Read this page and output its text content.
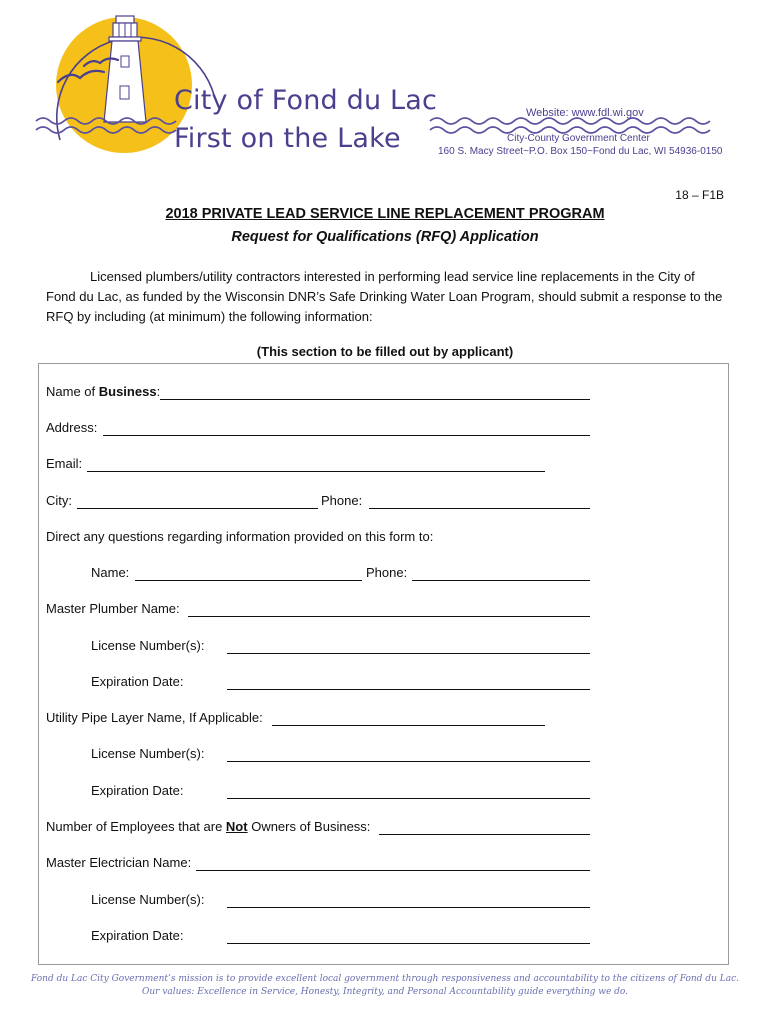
City of Fond du Lac
First on the Lake
Website: www.fdl.wi.gov
City-County Government Center
160 S. Macy Street~P.O. Box 150~Fond du Lac, WI 54936-0150
18 – F1B
2018 PRIVATE LEAD SERVICE LINE REPLACEMENT PROGRAM
Request for Qualifications (RFQ) Application

Licensed plumbers/utility contractors interested in performing lead service line replacements in the City of Fond du Lac, as funded by the Wisconsin DNR’s Safe Drinking Water Loan Program, should submit a response to the RFQ by including (at minimum) the following information:

(This section to be filled out by applicant)
Name of Business:
Address:
Email:
City:	Phone:
Direct any questions regarding information provided on this form to:
Name:	Phone:
Master Plumber Name:
License Number(s):
Expiration Date:
Utility Pipe Layer Name, If Applicable:
License Number(s):
Expiration Date:
Number of Employees that are Not Owners of Business:
Master Electrician Name:
License Number(s):
Expiration Date:
Fond du Lac City Government’s mission is to provide excellent local government through responsiveness and accountability to the citizens of Fond du Lac.
Our values: Excellence in Service, Honesty, Integrity, and Personal Accountability guide everything we do.
